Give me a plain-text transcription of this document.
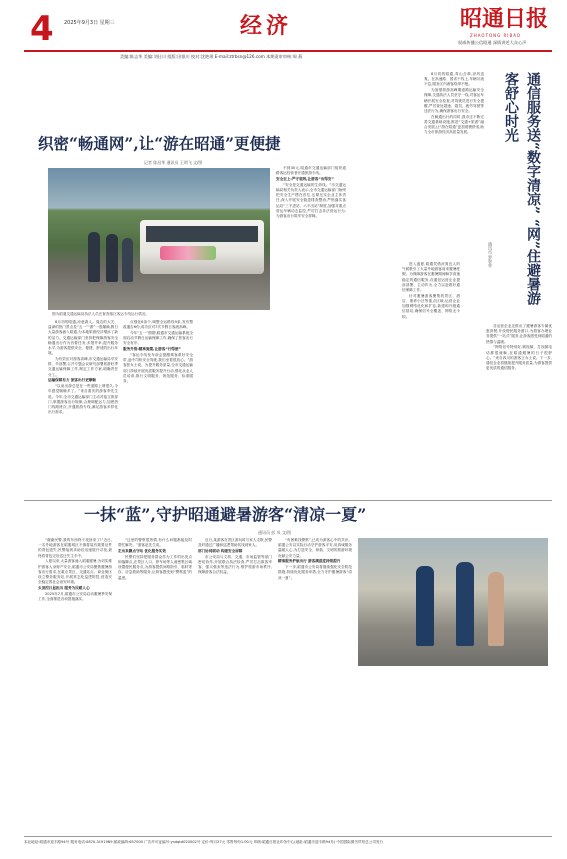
4 2025年9月3日 星期三	经济	昭通日报
ZHAOTONG RIBAO
权威传播公信昭通 深情讲述大众心声
美编:陈志华 美编:刘仕川 组版:田银川 校对:沈艳瑶 E-mail:ztrbsn@126.com 本期责审审核:周 燕
织密“畅通网”,让“游在昭通”更便捷
记者 陈昌华 通讯员 王明飞 文/图
图为昭通交通运输局执法人员在督查辖区客运专线运行情况。

8月初的昭通,凉意袭人。周边的大关、盐津的热门景点及“五一”“游”一度爆满,假日大量游客涌入昭通,为本地旅游经济增添了新的活力。交通运输部门坚持把保障游客安全畅通出行作为首要任务,多措并举,提升服务水平,为游客提供安全、便捷、舒适的出行环境。

为有效应对游客高峰,市交通运输局早安排、早部署,召开专题会议研究部署旅游旺季交通运输保障工作,制定工作方案,明确责任分工。

运输保障有力 旅客出行更顺畅

“以前出游总是在一些道路上堵很久,今年感觉顺畅多了。”来自重庆的游客李先生说。今年,全市交通运输部门主动对接文旅部门,掌握游客出行规律,合理调配运力,加密热门线路班次,开通旅游专线,满足游客多样化出行需求。

点强化6条个,调整全运路线9条,发布整改通告6份,成功应对7次节假日客流高峰。

今年“五一”假期,昭通市交通运输系统全面启动节假日运输保障工作,确保了旅客出行安全有序。

服务升级:精准施策,让游客“行得便”

“客运专线发车前会提醒乘客系好安全带,途中司机安全驾驶,我们坐着很放心。”游客张女士说。为提升服务质量,全市交通运输部门持续开展优质服务提升行动,强化从业人员培训,推行文明服务、规范服务、标准服务。

不到30元,昭通市交通运输部门组织道路客运经营者开通旅游专线。

安全至上:严守底线,让游客“出得安”

“安全是交通运输的生命线。”市交通运输局相关负责人表示,全市交通运输部门始终把安全生产摆在首位,压紧压实企业主体责任,深入开展安全隐患排查整治,严格落实客运站“三不进站、六不出站”制度,加强对重点营运车辆动态监控,严厉打击非法营运行为,为游客出行筑牢安全屏障。

8月初的昭通,青山含翠,凉风送爽。在高速路、国省干线上,车辆川流不息,服务区内游客络绎不绝。

为加强旅游高峰期道路运输安全保障,交通执法人员坚守一线,对客运车辆开展安全检查,对驾驶员进行安全提醒,严厉查处超速、超员、疲劳驾驶等违法行为,确保游客出行安全。

在畅通出行的同时,我市还不断完善交通基础设施,推进“交通+旅游”融合发展,让“游在昭通”更加便捷舒适,助力全市旅游经济高质量发展。	通信服务送“数字清凉” “网”住避暑游客舒心时光
通讯员 罗智荣

各运营企业还推出了避暑游客专属优惠套餐,开设便民服务窗口,为游客办理业务提供“一站式”服务,让游客感受到昭通的热情与温暖。

“网络信号特别好,刷视频、打视频电话都很流畅,在昭通避暑的日子很舒心。”来自四川的游客王女士说。下一步,通信企业将继续提升服务质量,为游客提供更优质的通信服务。

进入盛夏,昭通凭借凉爽宜人的气候吸引了大量外地游客前来避暑度假。为保障游客在避暑期间畅享高速稳定的通信服务,各通信运营企业提前部署、主动作为,全力以赴做好通信保障工作。

针对避暑游客聚集的景区、酒店、康养小区等重点区域,运营企业加强网络优化和扩容,新建和升级通信基站,确保信号全覆盖、网络无卡顿。

一抹“蓝”,守护昭通避暑游客“清凉一夏”
通讯员 彭 凤 文/图

“谢谢民警,我的东西终于找回来了!”近日,一名外地游客在昭通城区不慎将装有重要证件的背包遗失,民警接到求助后迅速展开寻找,最终将背包完好送还失主手中。

入夏以来,大量游客涌入昭通避暑,为切实维护游客人身财产安全,昭通市公安局聚焦避暑游客出行需求,在重点景区、交通站点、商业街区设立警务服务站,开展常态化巡逻防控,营造安全稳定的社会治安环境。

头顶烈日显担当 服务为民暖人心

2025年7月,昭通市公安局启动避暑季安保工作,全面推进各项措施落实。

“这里的警察很热情,有什么问题都能及时帮忙解决。”游客赵先生说。

走出来蹲点守站 优化服务实效

民警们坚持把服务群众作为工作的出发点和落脚点,在景区入口、停车场等人流密集区域设置便民服务点,为游客提供问路指引、临时寄存、应急救助等服务,让游客感受到“警察蓝”的温度。

近日,某游客在景区游玩时与家人走散,民警及时通过广播和巡逻帮助其找到家人。

部门协同联动 构建安全屏障

市公安局与文旅、交通、市场监管等部门密切协作,开展联合执法检查,严厉打击欺客宰客、强买强卖等违法行为,维护旅游市场秩序,保障游客合法权益。

“有困难找警察”,已成为游客心中的共识。昭通公安以实际行动守护游客平安,用真诚服务温暖人心,为打造安全、和谐、文明的旅游环境贡献公安力量。

精准服务护航出行 游客满意度持续提升

下一步,昭通市公安局将继续强化安全防范措施,持续优化服务举措,全力守护避暑游客“清凉一夏”。

本社地址:昭通市迎丰路94号 服务电话:0870-3191989 邮政编码:657000 广告许可证编号:yndgtd020002号 定价:每月27元 零售每份1.00元 印刷:昭通日报社印务中心(地址:昭通市迎丰路94号) 中国国际图书贸易总公司发行
